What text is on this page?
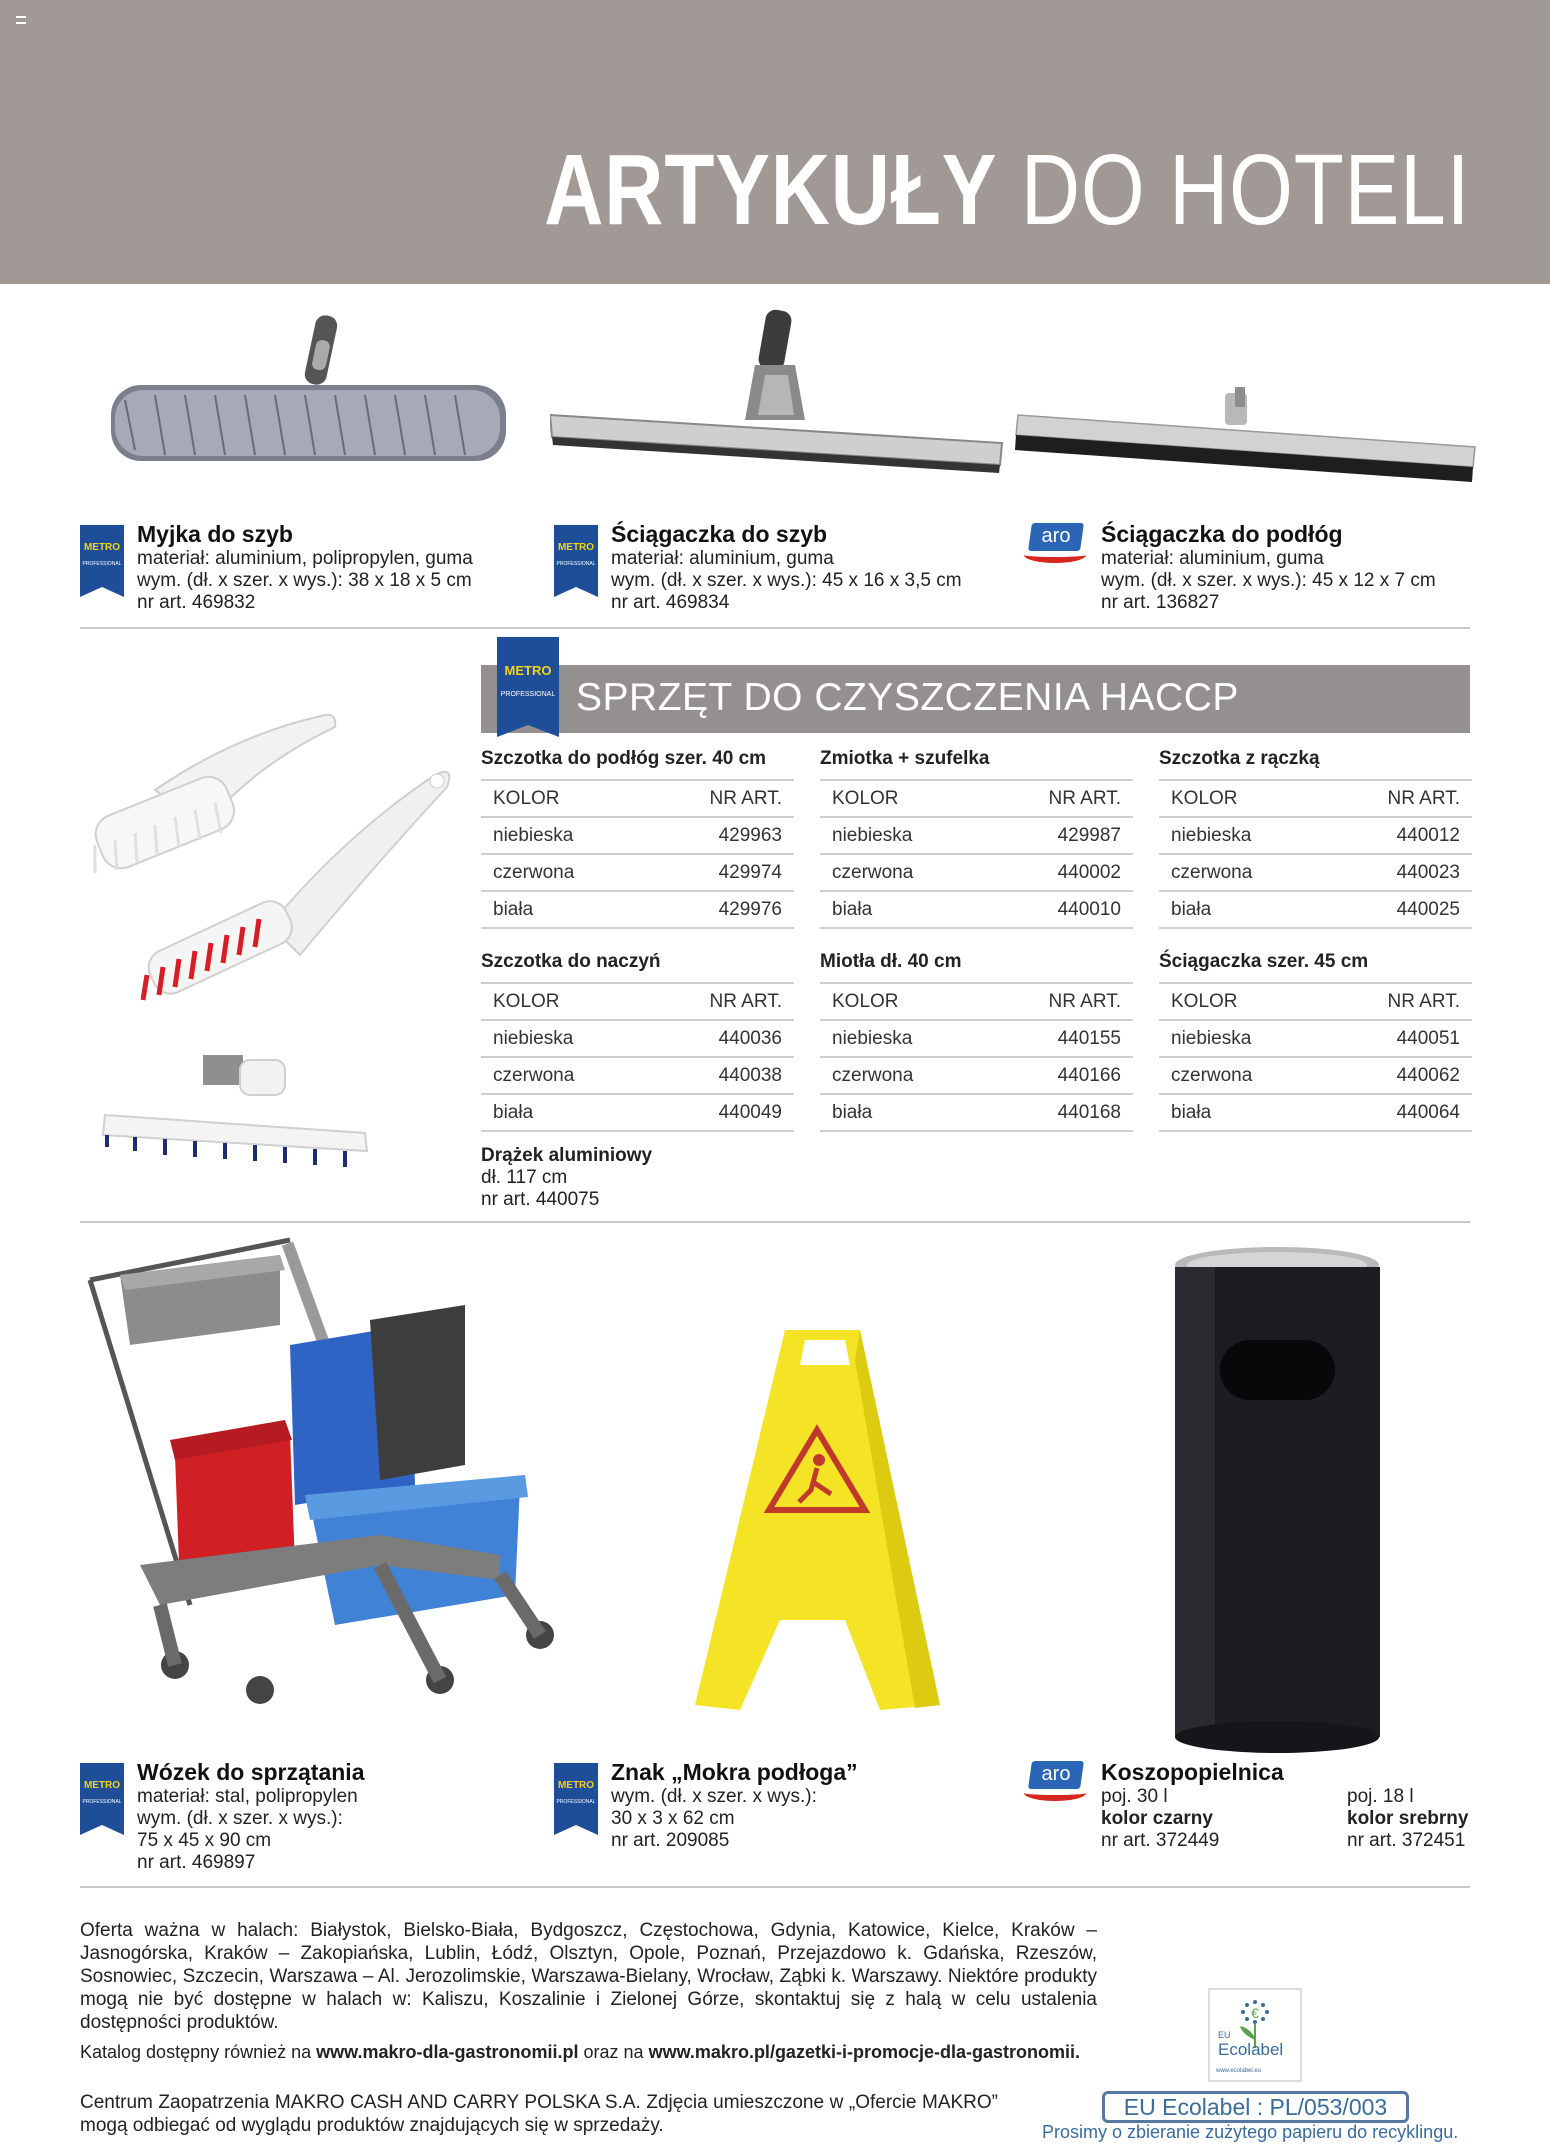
ARTYKUŁY DO HOTELI
METRO
PROFESSIONAL
Myjka do szyb
materiał: aluminium, polipropylen, guma
wym. (dł. x szer. x wys.): 38 x 18 x 5 cm
nr art. 469832
METRO
PROFESSIONAL
Ściągaczka do szyb
materiał: aluminium, guma
wym. (dł. x szer. x wys.): 45 x 16 x 3,5 cm
nr art. 469834
aro	Ściągaczka do podłóg
materiał: aluminium, guma
wym. (dł. x szer. x wys.): 45 x 12 x 7 cm
nr art. 136827
METRO
PROFESSIONAL SPRZĘT DO CZYSZCZENIA HACCP
Szczotka do podłóg szer. 40 cm
KOLOR	NR ART.
niebieska	429963
czerwona	429974
biała	429976
Zmiotka + szufelka
KOLOR	NR ART.
niebieska	429987
czerwona	440002
biała	440010
Szczotka z rączką
KOLOR	NR ART.
niebieska	440012
czerwona	440023
biała	440025
Szczotka do naczyń
KOLOR	NR ART.
niebieska	440036
czerwona	440038
biała	440049
Miotła dł. 40 cm
KOLOR	NR ART.
niebieska	440155
czerwona	440166
biała	440168
Ściągaczka szer. 45 cm
KOLOR	NR ART.
niebieska	440051
czerwona	440062
biała	440064
Drążek aluminiowy
dł. 117 cm
nr art. 440075
METRO
PROFESSIONAL
Wózek do sprzątania
materiał: stal, polipropylen
wym. (dł. x szer. x wys.):
75 x 45 x 90 cm
nr art. 469897
METRO
PROFESSIONAL
Znak „Mokra podłoga”
wym. (dł. x szer. x wys.):
30 x 3 x 62 cm
nr art. 209085
aro	Koszopopielnica
poj. 30 l
kolor czarny
nr art. 372449
poj. 18 l
kolor srebrny
nr art. 372451
Oferta ważna w halach: Białystok, Bielsko-Biała, Bydgoszcz, Częstochowa, Gdynia, Katowice, Kielce, Kraków – Jasnogórska, Kraków – Zakopiańska, Lublin, Łódź, Olsztyn, Opole, Poznań, Przejazdowo k. Gdańska, Rzeszów, Sosnowiec, Szczecin, Warszawa – Al. Jerozolimskie, Warszawa-Bielany, Wrocław, Ząbki k. Warszawy. Niektóre produkty mogą nie być dostępne w halach w: Kaliszu, Koszalinie i Zielonej Górze, skontaktuj się z halą w celu ustalenia dostępności produktów.
Katalog dostępny również na www.makro-dla-gastronomii.pl oraz na www.makro.pl/gazetki-i-promocje-dla-gastronomii.
Centrum Zaopatrzenia MAKRO CASH AND CARRY POLSKA S.A. Zdjęcia umieszczone w „Ofercie MAKRO” mogą odbiegać od wyglądu produktów znajdujących się w sprzedaży.
€
EU
Ecolabel
www.ecolabel.eu
EU Ecolabel : PL/053/003
Prosimy o zbieranie zużytego papieru do recyklingu.
